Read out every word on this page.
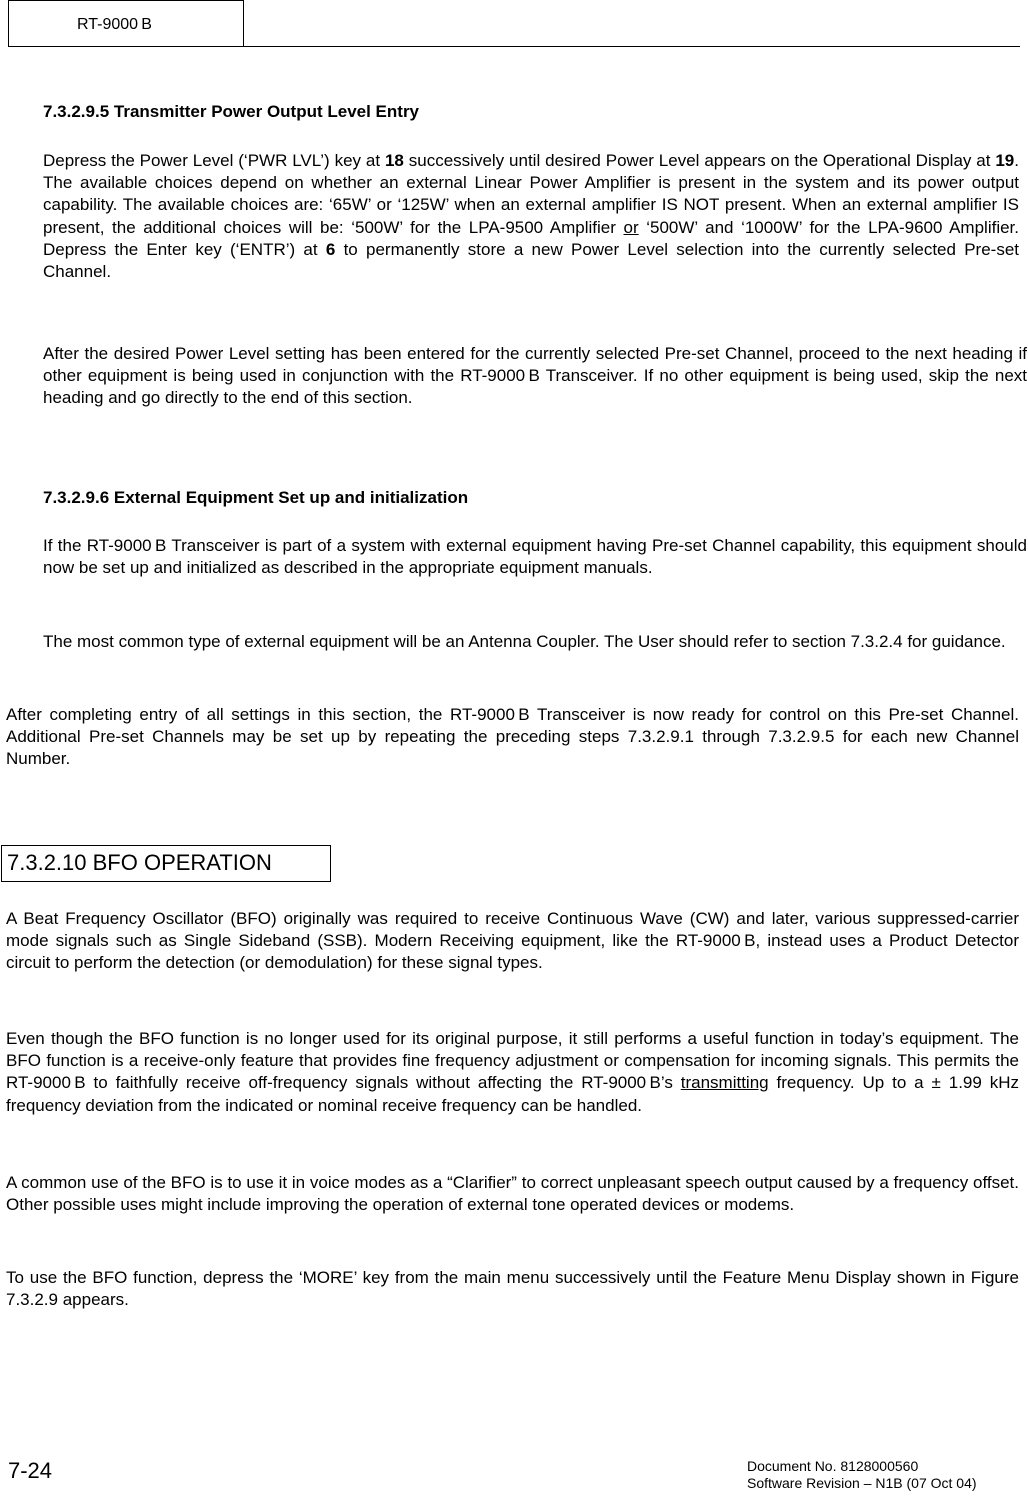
RT-9000 B
7.3.2.9.5 Transmitter Power Output Level Entry
Depress the Power Level (‘PWR LVL’) key at 18 successively until desired Power Level appears on the Operational Display at 19. The available choices depend on whether an external Linear Power Amplifier is present in the system and its power output capability. The available choices are: ‘65W’ or ‘125W’ when an external amplifier IS NOT present. When an external amplifier IS present, the additional choices will be: ‘500W’ for the LPA-9500 Amplifier or ‘500W’ and ‘1000W’ for the LPA-9600 Amplifier. Depress the Enter key (‘ENTR’) at 6 to permanently store a new Power Level selection into the currently selected Pre-set Channel.
After the desired Power Level setting has been entered for the currently selected Pre-set Channel, proceed to the next heading if other equipment is being used in conjunction with the RT-9000 B Transceiver. If no other equipment is being used, skip the next heading and go directly to the end of this section.
7.3.2.9.6 External Equipment Set up and initialization
If the RT-9000 B Transceiver is part of a system with external equipment having Pre-set Channel capability, this equipment should now be set up and initialized as described in the appropriate equipment manuals.
The most common type of external equipment will be an Antenna Coupler. The User should refer to section 7.3.2.4 for guidance.
After completing entry of all settings in this section, the RT-9000 B Transceiver is now ready for control on this Pre-set Channel. Additional Pre-set Channels may be set up by repeating the preceding steps 7.3.2.9.1 through 7.3.2.9.5 for each new Channel Number.
7.3.2.10 BFO OPERATION
A Beat Frequency Oscillator (BFO) originally was required to receive Continuous Wave (CW) and later, various suppressed-carrier mode signals such as Single Sideband (SSB). Modern Receiving equipment, like the RT-9000 B, instead uses a Product Detector circuit to perform the detection (or demodulation) for these signal types.
Even though the BFO function is no longer used for its original purpose, it still performs a useful function in today’s equipment. The BFO function is a receive-only feature that provides fine frequency adjustment or compensation for incoming signals. This permits the RT-9000 B to faithfully receive off-frequency signals without affecting the RT-9000 B’s transmitting frequency. Up to a ± 1.99 kHz frequency deviation from the indicated or nominal receive frequency can be handled.
A common use of the BFO is to use it in voice modes as a “Clarifier” to correct unpleasant speech output caused by a frequency offset. Other possible uses might include improving the operation of external tone operated devices or modems.
To use the BFO function, depress the ‘MORE’ key from the main menu successively until the Feature Menu Display shown in Figure 7.3.2.9 appears.
7-24	Document No. 8128000560
Software Revision – N1B (07 Oct 04)
